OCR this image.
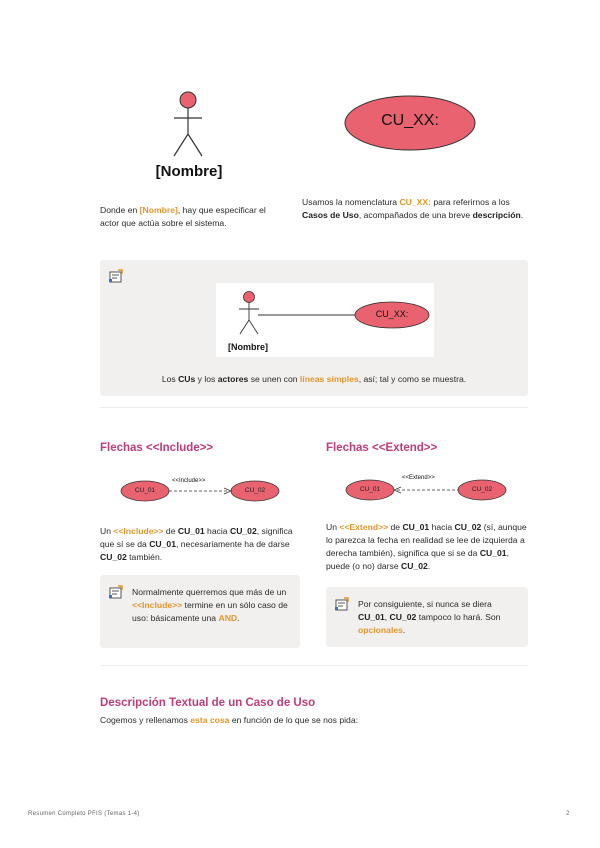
[Nombre]
CU_XX:
Donde en [Nombre], hay que especificar el actor que actúa sobre el sistema.
Usamos la nomenclatura CU_XX: para referirnos a los Casos de Uso, acompañados de una breve descripción.
CU_XX:
[Nombre]
Los CUs y los actores se unen con líneas simples, así; tal y como se muestra.
Flechas <<Include>>
<<Include>>
CU_01	CU_02
Un <<Include>> de CU_01 hacia CU_02, significa que sí se da CU_01, necesariamente ha de darse CU_02 también.
Normalmente querremos que más de un <<Include>> termine en un sólo caso de uso: básicamente una AND.
Flechas <<Extend>>
<<Extend>>
CU_01	CU_02
Un <<Extend>> de CU_01 hacia CU_02 (sí, aunque lo parezca la fecha en realidad se lee de izquierda a derecha también), significa que si se da CU_01, puede (o no) darse CU_02.
Por consiguiente, si nunca se diera CU_01, CU_02 tampoco lo hará. Son opcionales.
Descripción Textual de un Caso de Uso
Cogemos y rellenamos esta cosa en función de lo que se nos pida:
Resumen Completo PFIS (Temas 1-4)	2
